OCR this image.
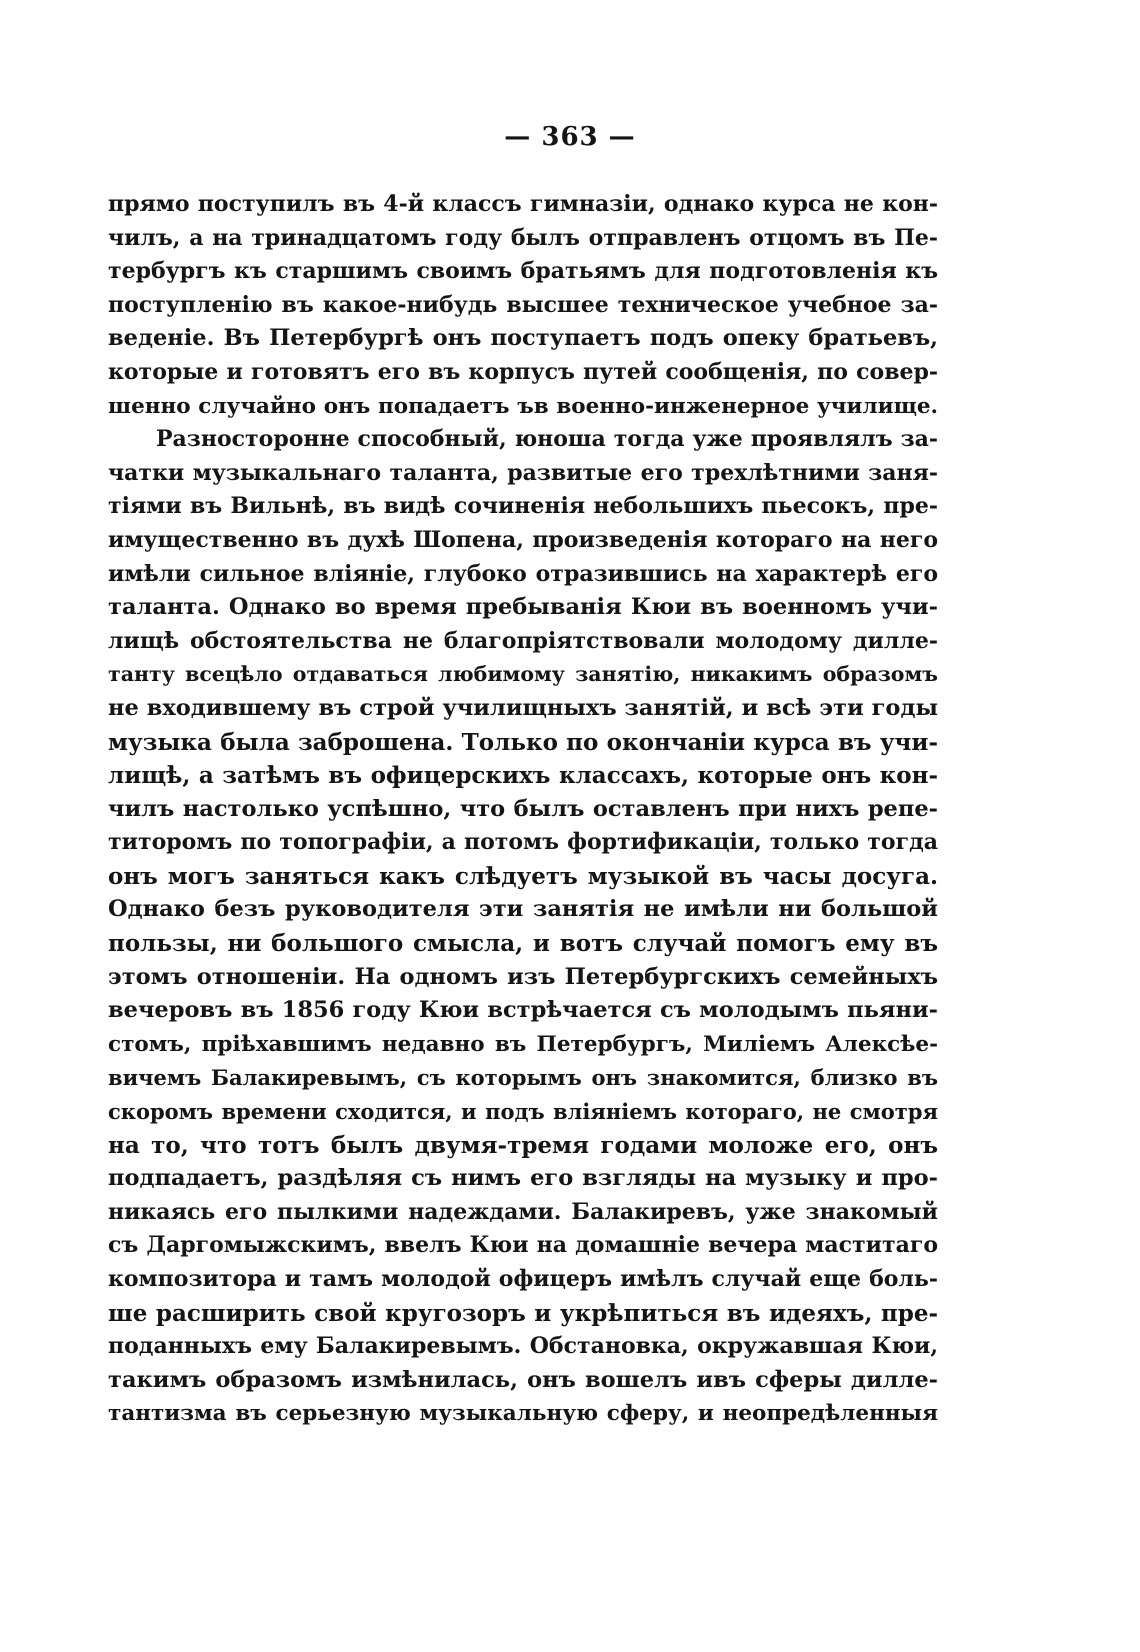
— 363 —
прямо поступилъ въ 4-й классъ гимназіи, однако курса не кон-
чилъ, а на тринадцатомъ году былъ отправленъ отцомъ въ Пе-
тербургъ къ старшимъ своимъ братьямъ для подготовленія къ
поступленію въ какое-нибудь высшее техническое учебное за-
веденіе. Въ Петербургѣ онъ поступаетъ подъ опеку братьевъ,
которые и готовятъ его въ корпусъ путей сообщенія, по совер-
шенно случайно онъ попадаетъ ъв военно-инженерное училище.
Разносторонне способный, юноша тогда уже проявлялъ за-
чатки музыкальнаго таланта, развитые его трехлѣтними заня-
тіями въ Вильнѣ, въ видѣ сочиненія небольшихъ пьесокъ, пре-
имущественно въ духѣ Шопена, произведенія котораго на него
имѣли сильное вліяніе, глубоко отразившись на характерѣ его
таланта. Однако во время пребыванія Кюи въ военномъ учи-
лищѣ обстоятельства не благопріятствовали молодому дилле-
танту всецѣло отдаваться любимому занятію, никакимъ образомъ
не входившему въ строй училищныхъ занятій, и всѣ эти годы
музыка была заброшена. Только по окончаніи курса въ учи-
лищѣ, а затѣмъ въ офицерскихъ классахъ, которые онъ кон-
чилъ настолько успѣшно, что былъ оставленъ при нихъ репе-
титоромъ по топографіи, а потомъ фортификаціи, только тогда
онъ могъ заняться какъ слѣдуетъ музыкой въ часы досуга.
Однако безъ руководителя эти занятія не имѣли ни большой
пользы, ни большого смысла, и вотъ случай помогъ ему въ
этомъ отношеніи. На одномъ изъ Петербургскихъ семейныхъ
вечеровъ въ 1856 году Кюи встрѣчается съ молодымъ пьяни-
стомъ, пріѣхавшимъ недавно въ Петербургъ, Миліемъ Алексѣе-
вичемъ Балакиревымъ, съ которымъ онъ знакомится, близко въ
скоромъ времени сходится, и подъ вліяніемъ котораго, не смотря
на то, что тотъ былъ двумя-тремя годами моложе его, онъ
подпадаетъ, раздѣляя съ нимъ его взгляды на музыку и про-
никаясь его пылкими надеждами. Балакиревъ, уже знакомый
съ Даргомыжскимъ, ввелъ Кюи на домашніе вечера маститаго
композитора и тамъ молодой офицеръ имѣлъ случай еще боль-
ше расширить свой кругозоръ и укрѣпиться въ идеяхъ, пре-
поданныхъ ему Балакиревымъ. Обстановка, окружавшая Кюи,
такимъ образомъ измѣнилась, онъ вошелъ ивъ сферы дилле-
тантизма въ серьезную музыкальную сферу, и неопредѣленныя
